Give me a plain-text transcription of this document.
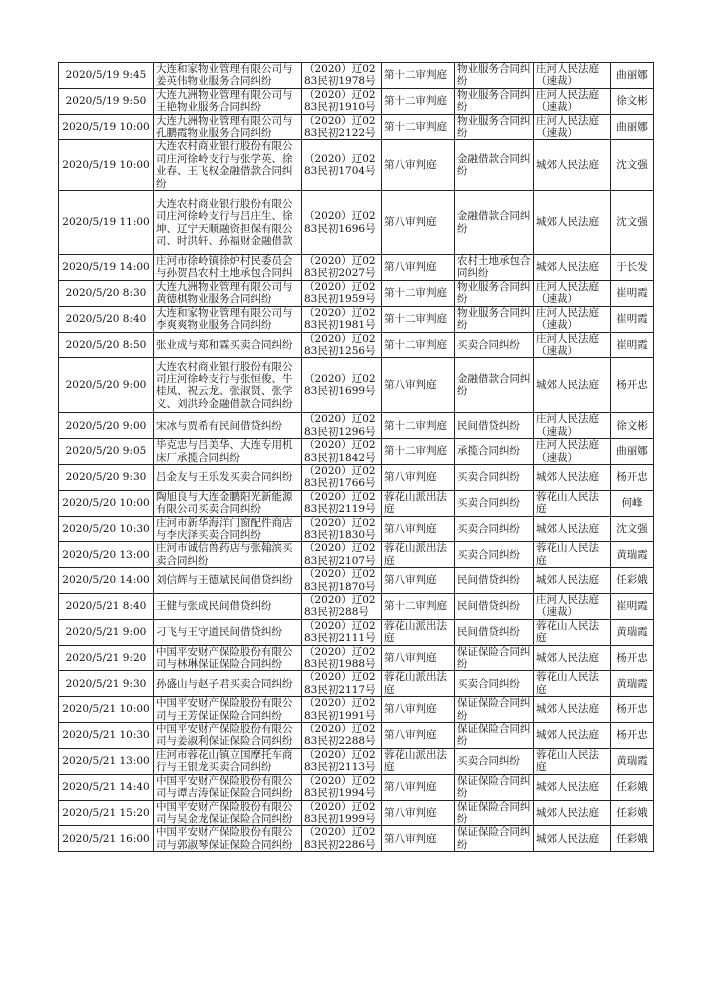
2020/5/19 9:45	大连和家物业管理有限公司与姜英伟物业服务合同纠纷	（2020）辽0283民初1978号	第十二审判庭	物业服务合同纠纷	庄河人民法庭（速裁）	曲丽娜
2020/5/19 9:50	大连九洲物业管理有限公司与王艳物业服务合同纠纷	（2020）辽0283民初1910号	第十二审判庭	物业服务合同纠纷	庄河人民法庭（速裁）	徐文彬
2020/5/19 10:00	大连九洲物业管理有限公司与孔鹏霞物业服务合同纠纷	（2020）辽0283民初2122号	第十二审判庭	物业服务合同纠纷	庄河人民法庭（速裁）	曲丽娜
2020/5/19 10:00	大连农村商业银行股份有限公司庄河徐岭支行与张学英、徐业春、王飞权金融借款合同纠纷	（2020）辽0283民初1704号	第八审判庭	金融借款合同纠纷	城郊人民法庭	沈文强
2020/5/19 11:00	大连农村商业银行股份有限公司庄河徐岭支行与吕庄生、徐坤、辽宁天顺融资担保有限公司、时洪轩、孙福财金融借款	（2020）辽0283民初1696号	第八审判庭	金融借款合同纠纷	城郊人民法庭	沈文强
2020/5/19 14:00	庄河市徐岭镇徐炉村民委员会与孙贺昌农村土地承包合同纠	（2020）辽0283民初2027号	第八审判庭	农村土地承包合同纠纷	城郊人民法庭	于长发
2020/5/20 8:30	大连九洲物业管理有限公司与黄德棋物业服务合同纠纷	（2020）辽0283民初1959号	第十二审判庭	物业服务合同纠纷	庄河人民法庭（速裁）	崔明霞
2020/5/20 8:40	大连和家物业管理有限公司与李爽爽物业服务合同纠纷	（2020）辽0283民初1981号	第十二审判庭	物业服务合同纠纷	庄河人民法庭（速裁）	崔明霞
2020/5/20 8:50	张业成与郑和霖买卖合同纠纷	（2020）辽0283民初1256号	第十二审判庭	买卖合同纠纷	庄河人民法庭（速裁）	崔明霞
2020/5/20 9:00	大连农村商业银行股份有限公司庄河徐岭支行与张恒俊、牛桂凤、祝云龙、张淑贤、张学义、刘洪玲金融借款合同纠纷	（2020）辽0283民初1699号	第八审判庭	金融借款合同纠纷	城郊人民法庭	杨开忠
2020/5/20 9:00	宋冰与贾希有民间借贷纠纷	（2020）辽0283民初1296号	第十二审判庭	民间借贷纠纷	庄河人民法庭（速裁）	徐文彬
2020/5/20 9:05	毕克忠与吕美华、大连专用机床厂承揽合同纠纷	（2020）辽0283民初1842号	第十二审判庭	承揽合同纠纷	庄河人民法庭（速裁）	曲丽娜
2020/5/20 9:30	吕金友与王乐发买卖合同纠纷	（2020）辽0283民初1766号	第八审判庭	买卖合同纠纷	城郊人民法庭	杨开忠
2020/5/20 10:00	陶旭良与大连金鹏阳光新能源有限公司买卖合同纠纷	（2020）辽0283民初2119号	蓉花山派出法庭	买卖合同纠纷	蓉花山人民法庭	何峰
2020/5/20 10:30	庄河市新华海洋门窗配件商店与李庆泽买卖合同纠纷	（2020）辽0283民初1830号	第八审判庭	买卖合同纠纷	城郊人民法庭	沈文强
2020/5/20 13:00	庄河市诚信兽药店与张翰滨买卖合同纠纷	（2020）辽0283民初2107号	蓉花山派出法庭	买卖合同纠纷	蓉花山人民法庭	黄瑞霞
2020/5/20 14:00	刘信辉与王德斌民间借贷纠纷	（2020）辽0283民初1870号	第八审判庭	民间借贷纠纷	城郊人民法庭	任彩娥
2020/5/21 8:40	王健与张成民间借贷纠纷	（2020）辽0283民初288号	第十二审判庭	民间借贷纠纷	庄河人民法庭（速裁）	崔明霞
2020/5/21 9:00	刁飞与王守道民间借贷纠纷	（2020）辽0283民初2111号	蓉花山派出法庭	民间借贷纠纷	蓉花山人民法庭	黄瑞霞
2020/5/21 9:20	中国平安财产保险股份有限公司与林琳保证保险合同纠纷	（2020）辽0283民初1988号	第八审判庭	保证保险合同纠纷	城郊人民法庭	杨开忠
2020/5/21 9:30	孙盛山与赵子君买卖合同纠纷	（2020）辽0283民初2117号	蓉花山派出法庭	买卖合同纠纷	蓉花山人民法庭	黄瑞霞
2020/5/21 10:00	中国平安财产保险股份有限公司与王芳保证保险合同纠纷	（2020）辽0283民初1991号	第八审判庭	保证保险合同纠纷	城郊人民法庭	杨开忠
2020/5/21 10:30	中国平安财产保险股份有限公司与姜淑利保证保险合同纠纷	（2020）辽0283民初2288号	第八审判庭	保证保险合同纠纷	城郊人民法庭	杨开忠
2020/5/21 13:00	庄河市蓉花山镇立国摩托车商行与王银龙买卖合同纠纷	（2020）辽0283民初2113号	蓉花山派出法庭	买卖合同纠纷	蓉花山人民法庭	黄瑞霞
2020/5/21 14:40	中国平安财产保险股份有限公司与谭吉涛保证保险合同纠纷	（2020）辽0283民初1994号	第八审判庭	保证保险合同纠纷	城郊人民法庭	任彩娥
2020/5/21 15:20	中国平安财产保险股份有限公司与吴金龙保证保险合同纠纷	（2020）辽0283民初1999号	第八审判庭	保证保险合同纠纷	城郊人民法庭	任彩娥
2020/5/21 16:00	中国平安财产保险股份有限公司与郭淑琴保证保险合同纠纷	（2020）辽0283民初2286号	第八审判庭	保证保险合同纠纷	城郊人民法庭	任彩娥
